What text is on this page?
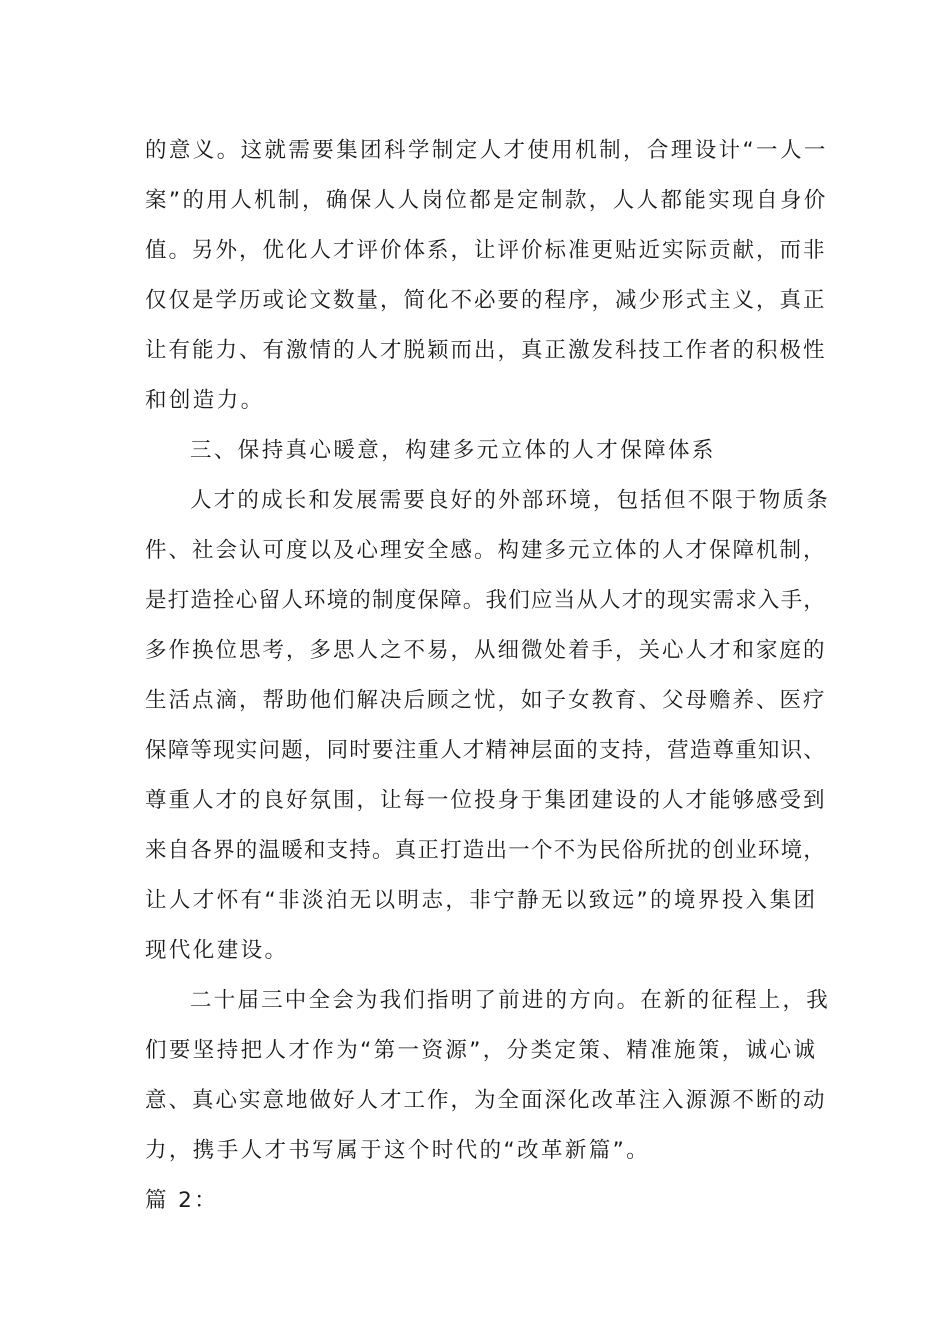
的意义。这就需要集团科学制定人才使用机制，合理设计“一人一

案”的用人机制，确保人人岗位都是定制款，人人都能实现自身价

值。另外，优化人才评价体系，让评价标准更贴近实际贡献，而非

仅仅是学历或论文数量，简化不必要的程序，减少形式主义，真正

让有能力、有激情的人才脱颖而出，真正激发科技工作者的积极性

和创造力。

三、保持真心暖意，构建多元立体的人才保障体系

人才的成长和发展需要良好的外部环境，包括但不限于物质条

件、社会认可度以及心理安全感。构建多元立体的人才保障机制，

是打造拴心留人环境的制度保障。我们应当从人才的现实需求入手，

多作换位思考，多思人之不易，从细微处着手，关心人才和家庭的

生活点滴，帮助他们解决后顾之忧，如子女教育、父母赡养、医疗

保障等现实问题，同时要注重人才精神层面的支持，营造尊重知识、

尊重人才的良好氛围，让每一位投身于集团建设的人才能够感受到

来自各界的温暖和支持。真正打造出一个不为民俗所扰的创业环境，

让人才怀有“非淡泊无以明志，非宁静无以致远”的境界投入集团

现代化建设。

二十届三中全会为我们指明了前进的方向。在新的征程上，我

们要坚持把人才作为“第一资源”，分类定策、精准施策，诚心诚

意、真心实意地做好人才工作，为全面深化改革注入源源不断的动

力，携手人才书写属于这个时代的“改革新篇”。

篇 2：
